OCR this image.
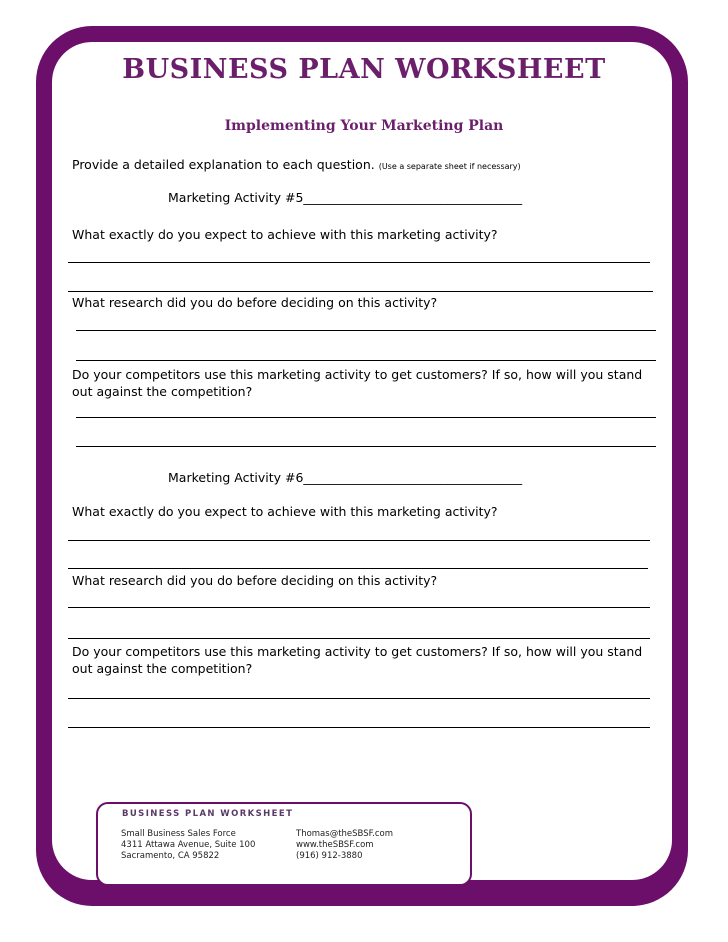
BUSINESS PLAN WORKSHEET
Implementing Your Marketing Plan
Provide a detailed explanation to each question. (Use a separate sheet if necessary)
Marketing Activity #5___________________________________
What exactly do you expect to achieve with this marketing activity?
What research did you do before deciding on this activity?
Do your competitors use this marketing activity to get customers? If so, how will you stand
out against the competition?
Marketing Activity #6___________________________________
What exactly do you expect to achieve with this marketing activity?
What research did you do before deciding on this activity?
Do your competitors use this marketing activity to get customers? If so, how will you stand
out against the competition?
BUSINESS PLAN WORKSHEET
Small Business Sales Force
4311 Attawa Avenue, Suite 100
Sacramento, CA 95822
Thomas@theSBSF.com
www.theSBSF.com
(916) 912-3880
Professional
Sales & Marketing
For The Small Business
